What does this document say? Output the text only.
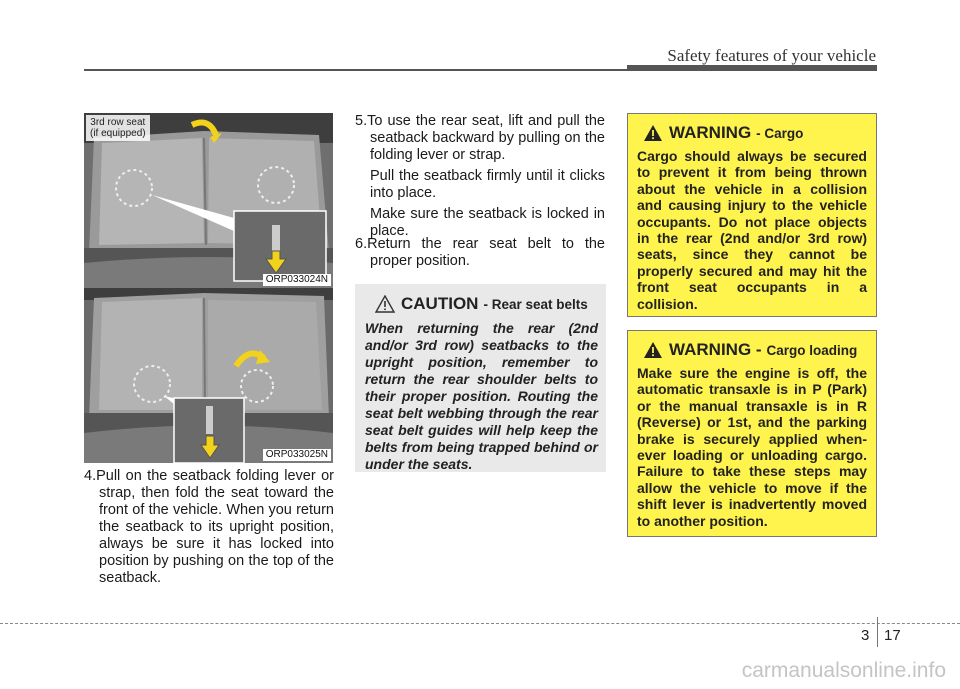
Safety features of your vehicle
3rd row seat
(if equipped)
ORP033024N
ORP033025N
4.Pull on the seatback folding lever or strap, then fold the seat toward the front of the vehicle. When you return the seatback to its upright position, always be sure it has locked into position by pushing on the top of the seatback.

5.To use the rear seat, lift and pull the seatback backward by pulling on the folding lever or strap.

Pull the seatback firmly until it clicks into place.

Make sure the seatback is locked in place.

6.Return the rear seat belt to the proper position.
CAUTION - Rear seat belts
When returning the rear (2nd and/or 3rd row) seatbacks to the upright position, remember to return the rear shoulder belts to their proper position. Routing the seat belt webbing through the rear seat belt guides will help keep the belts from being trapped behind or under the seats.
WARNING - Cargo
Cargo should always be secured to prevent it from being thrown about the vehicle in a collision and causing injury to the vehicle occupants. Do not place objects in the rear (2nd and/or 3rd row) seats, since they cannot be properly secured and may hit the front seat occupants in a collision.
WARNING - Cargo loading
Make sure the engine is off, the automatic transaxle is in P (Park) or the manual transaxle is in R (Reverse) or 1st, and the parking brake is securely applied when-ever loading or unloading cargo. Failure to take these steps may allow the vehicle to move if the shift lever is inadvertently moved to another position.
3 17
carmanualsonline.info
